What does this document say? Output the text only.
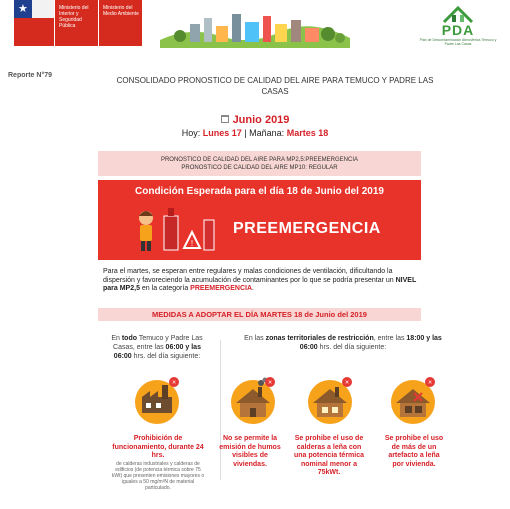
★	Ministerio del Interior y Seguridad Pública
Ministerio del Medio Ambiente
PDA
Plan de Descontaminación Atmosférica Temuco y Padre Las Casas
Reporte N°79
CONSOLIDADO PRONOSTICO DE CALIDAD DEL AIRE PARA TEMUCO Y PADRE LAS CASAS
Junio 2019
Hoy: Lunes 17 | Mañana: Martes 18
PRONOSTICO DE CALIDAD DEL AIRE PARA MP2,5:PREEMERGENCIA
PRONOSTICO DE CALIDAD DEL AIRE MP10: REGULAR
Condición Esperada para el día 18 de Junio del 2019
!
PREEMERGENCIA
Para el martes, se esperan entre regulares y malas condiciones de ventilación, dificultando la dispersión y favoreciendo la acumulación de contaminantes por lo que se podría presentar un NIVEL para MP2,5 en la categoría PREEMERGENCIA.
MEDIDAS A ADOPTAR EL DÍA MARTES 18 de Junio del 2019
En todo Temuco y Padre Las Casas, entre las 06:00 y las 06:00 hrs. del día siguiente:
En las zonas territoriales de restricción, entre las 18:00 y las 06:00 hrs. del día siguiente:
×	×	×	×
Prohibición de funcionamiento, durante 24 hrs.
de calderas industriales y calderas de edificios (de potencia térmica sobre 75 kWt) que presenten emisiones mayores o iguales a 50 mg/m³N de material particulado.
No se permite la emisión de humos visibles de viviendas.
Se prohibe el uso de calderas a leña con una potencia térmica nominal menor a 75kWt.
Se prohibe el uso de más de un artefacto a leña por vivienda.
